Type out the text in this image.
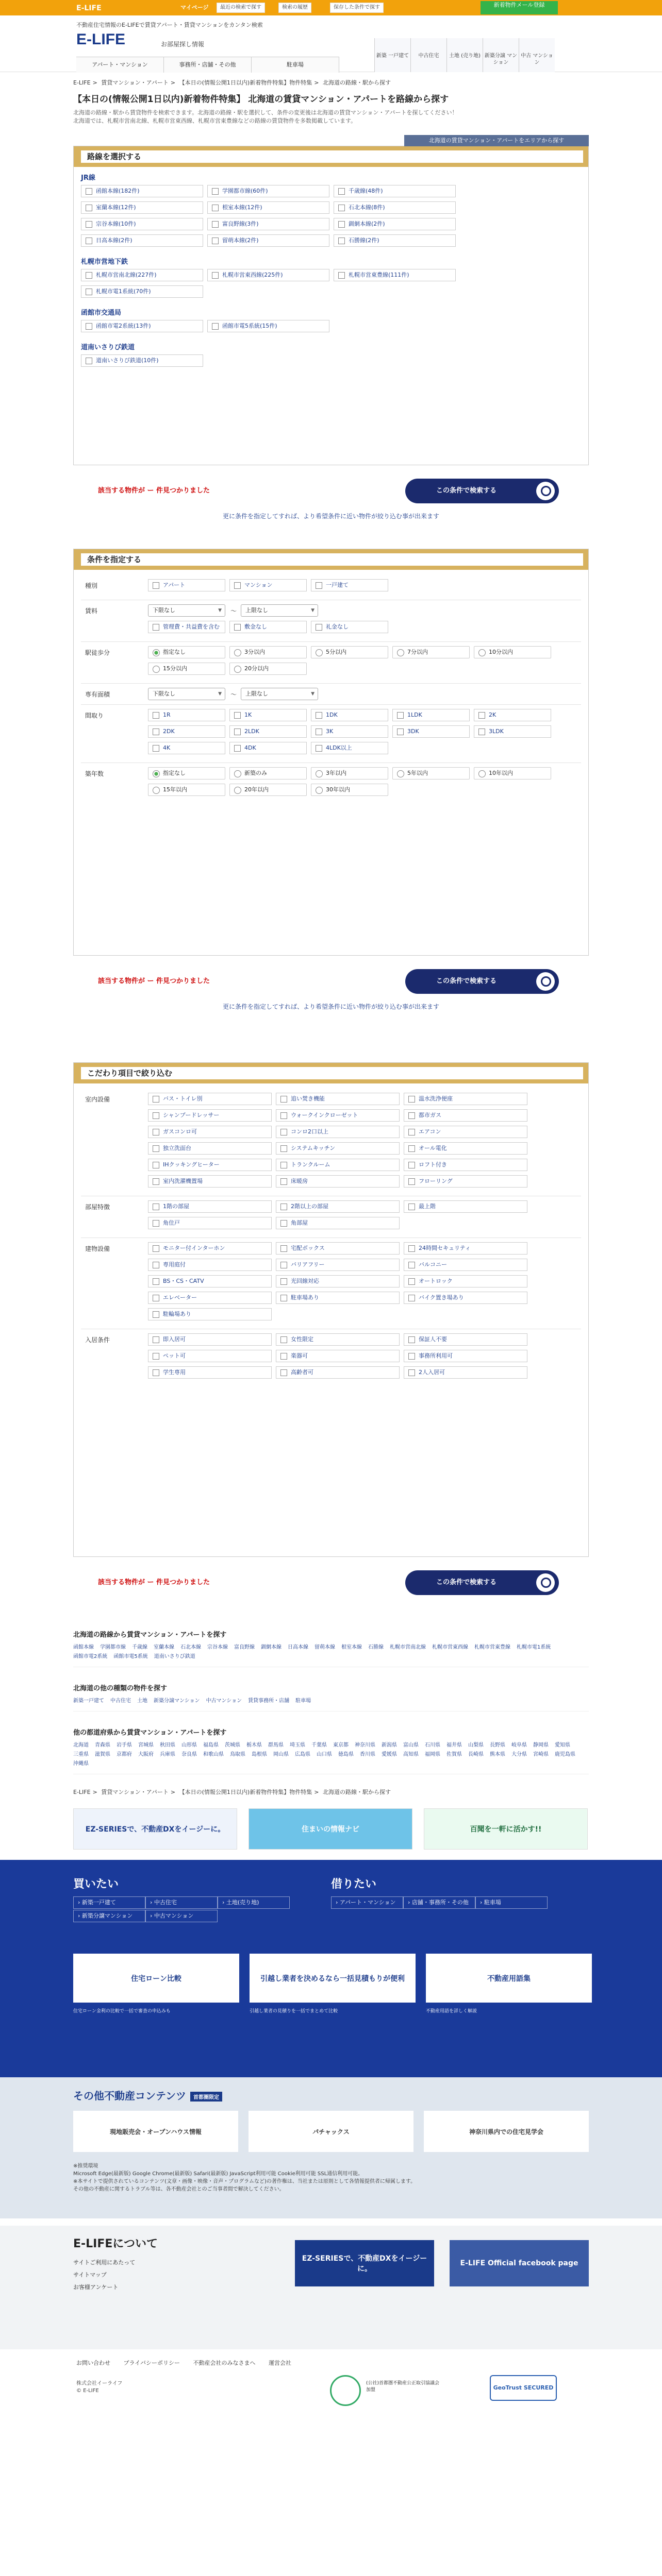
E-LIFE	マイページ	最近の検索で探す	検索の履歴	保存した条件で探す	新着物件メール登録
不動産住宅情報のE-LIFEで賃貸アパート・賃貸マンションをカンタン検索
E-LIFE	お部屋探し情報
アパート・マンション	事務所・店舗・その他	駐車場
新築 一戸建て	中古住宅	土地 (売り地) 新築分譲 マンション
中古 マンション
E-LIFE > 賃貸マンション・アパート > 【本日の(情報公開1日以内)新着物件特集】物件特集 > 北海道の路線・駅から探す
【本日の(情報公開1日以内)新着物件特集】 北海道の賃貸マンション・アパートを路線から探す
北海道の路線・駅から賃貸物件を検索できます。北海道の路線・駅を選択して、条件の変更後は北海道の賃貸マンション・アパートを探してください！
北海道では、札幌市営南北線、札幌市営東西線、札幌市営東豊線などの路線の賃貸物件を多数掲載しています。
北海道の賃貸マンション・アパートをエリアから探す
路線を選択する
JR線
函館本線(182件)	学園都市線(60件)	千歳線(48件)
室蘭本線(12件)	根室本線(12件)	石北本線(8件)
宗谷本線(10件)	富良野線(3件)	釧網本線(2件)
日高本線(2件)	留萌本線(2件)	石勝線(2件)
札幌市営地下鉄
札幌市営南北線(227件)	札幌市営東西線(225件)	札幌市営東豊線(111件)
札幌市電1系統(70件)
函館市交通局
函館市電2系統(13件)	函館市電5系統(15件)
道南いさりび鉄道
道南いさりび鉄道(10件)
該当する物件が ー 件見つかりました	この条件で検索する
更に条件を指定してすれば、より希望条件に近い物件が絞り込む事が出来ます
条件を指定する
種別	アパート	マンション	一戸建て
賃料	下限なし ▼	〜	上限なし ▼
管理費・共益費を含む	敷金なし	礼金なし
駅徒歩分	指定なし	3分以内	5分以内	7分以内	10分以内
15分以内	20分以内
専有面積	下限なし ▼	〜	上限なし ▼
間取り	1R	1K	1DK	1LDK	2K
2DK	2LDK	3K	3DK	3LDK
4K	4DK	4LDK以上
築年数	指定なし	新築のみ	3年以内	5年以内	10年以内
15年以内	20年以内	30年以内
該当する物件が ー 件見つかりました	この条件で検索する
更に条件を指定してすれば、より希望条件に近い物件が絞り込む事が出来ます
こだわり項目で絞り込む
室内設備	バス・トイレ別	追い焚き機能	温水洗浄便座
シャンプードレッサー	ウォークインクローゼット	都市ガス
ガスコンロ可	コンロ2口以上	エアコン
独立洗面台	システムキッチン	オール電化
IHクッキングヒーター	トランクルーム	ロフト付き
室内洗濯機置場	床暖房	フローリング
部屋特徴	1階の部屋	2階以上の部屋	最上階
角住戸	角部屋
建物設備	モニター付インターホン	宅配ボックス	24時間セキュリティ
専用庭付	バリアフリー	バルコニー
BS・CS・CATV	光回線対応	オートロック
エレベーター	駐車場あり	バイク置き場あり
駐輪場あり
入居条件	即入居可	女性限定	保証人不要
ペット可	楽器可	事務所利用可
学生専用	高齢者可	2人入居可
該当する物件が ー 件見つかりました	この条件で検索する
北海道の路線から賃貸マンション・アパートを探す
函館本線 学園都市線 千歳線 室蘭本線 石北本線 宗谷本線 富良野線 釧網本線 日高本線 留萌本線 根室本線 石勝線 札幌市営南北線 札幌市営東西線 札幌市営東豊線 札幌市電1系統函館市電2系統 函館市電5系統 道南いさりび鉄道
北海道の他の種類の物件を探す
新築一戸建て 中古住宅 土地 新築分譲マンション 中古マンション 賃貸事務所・店舗 駐車場
他の都道府県から賃貸マンション・アパートを探す
北海道 青森県 岩手県 宮城県 秋田県 山形県 福島県 茨城県 栃木県 群馬県 埼玉県 千葉県 東京都 神奈川県 新潟県 富山県 石川県 福井県 山梨県 長野県 岐阜県 静岡県 愛知県三重県 滋賀県 京都府 大阪府 兵庫県 奈良県 和歌山県 鳥取県 島根県 岡山県 広島県 山口県 徳島県 香川県 愛媛県 高知県 福岡県 佐賀県 長崎県 熊本県 大分県 宮崎県 鹿児島県沖縄県
E-LIFE > 賃貸マンション・アパート > 【本日の(情報公開1日以内)新着物件特集】物件特集 > 北海道の路線・駅から探す
EZ-SERIESで、不動産DXをイージーに。	住まいの情報ナビ	百聞を一軒に活かす!!
買いたい
› 新築一戸建て	› 中古住宅	› 土地(売り地)
› 新築分譲マンション	› 中古マンション
借りたい
› アパート・マンション	› 店舗・事務所・その他	› 駐車場
住宅ローン比較	引越し業者を決めるなら一括見積もりが便利	不動産用語集
住宅ローン金利の比較で一括で審査の申込みも	引越し業者の見積りを一括でまとめて比較	不動産用語を詳しく解説
その他不動産コンテンツ 首都圏限定
現地販売会・オープンハウス情報	パチャックス	神奈川県内での住宅見学会
※推奨環境
Microsoft Edge(最新版) Google Chrome(最新版) Safari(最新版) JavaScript利用可能 Cookie利用可能 SSL通信利用可能。
※本サイトで提供されているコンテンツ(文章・画像・映像・音声・プログラムなど)の著作権は、当社または原則として各情報提供者に帰属します。
その他の不動産に関するトラブル等は、各不動産会社とのご当事者間で解決してください。
E-LIFEについて
サイトご利用にあたって
サイトマップ
お客様アンケート
EZ-SERIESで、不動産DXをイージーに。
E-LIFE Official facebook page
お問い合わせ プライバシーポリシー 不動産会社のみなさまへ 運営会社
株式会社イーライフ
© E-LIFE
(公社)首都圏不動産公正取引協議会加盟	GeoTrust SECURED
